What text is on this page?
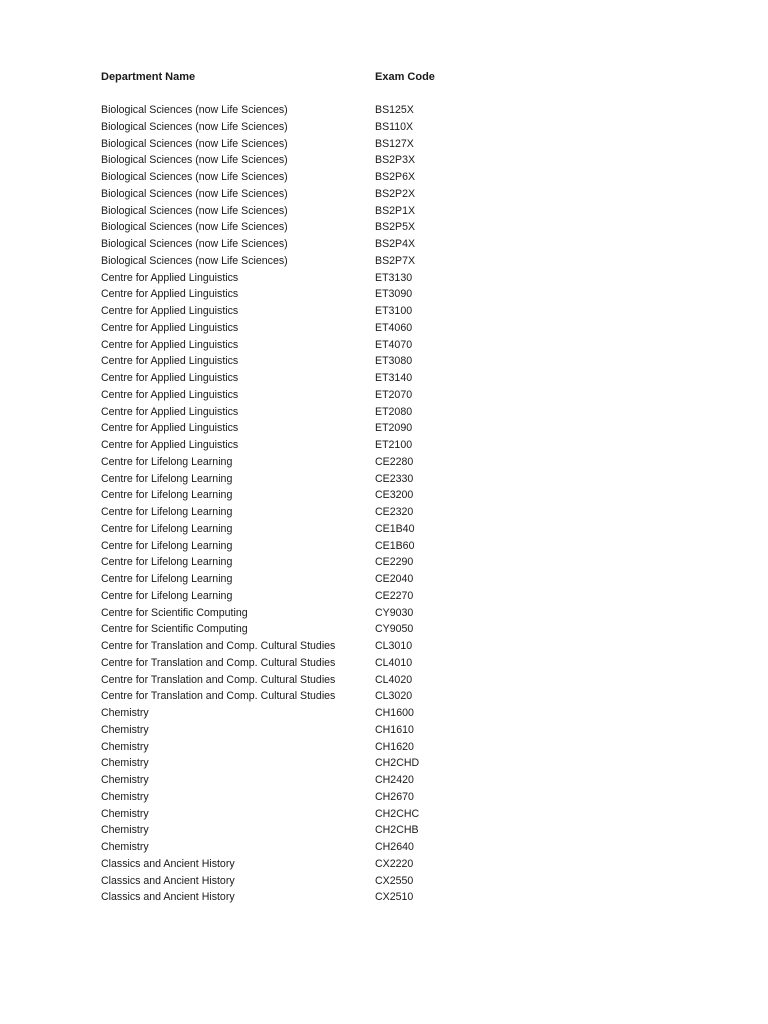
Department Name	Exam Code
Biological Sciences (now Life Sciences)	BS125X
Biological Sciences (now Life Sciences)	BS110X
Biological Sciences (now Life Sciences)	BS127X
Biological Sciences (now Life Sciences)	BS2P3X
Biological Sciences (now Life Sciences)	BS2P6X
Biological Sciences (now Life Sciences)	BS2P2X
Biological Sciences (now Life Sciences)	BS2P1X
Biological Sciences (now Life Sciences)	BS2P5X
Biological Sciences (now Life Sciences)	BS2P4X
Biological Sciences (now Life Sciences)	BS2P7X
Centre for Applied Linguistics	ET3130
Centre for Applied Linguistics	ET3090
Centre for Applied Linguistics	ET3100
Centre for Applied Linguistics	ET4060
Centre for Applied Linguistics	ET4070
Centre for Applied Linguistics	ET3080
Centre for Applied Linguistics	ET3140
Centre for Applied Linguistics	ET2070
Centre for Applied Linguistics	ET2080
Centre for Applied Linguistics	ET2090
Centre for Applied Linguistics	ET2100
Centre for Lifelong Learning	CE2280
Centre for Lifelong Learning	CE2330
Centre for Lifelong Learning	CE3200
Centre for Lifelong Learning	CE2320
Centre for Lifelong Learning	CE1B40
Centre for Lifelong Learning	CE1B60
Centre for Lifelong Learning	CE2290
Centre for Lifelong Learning	CE2040
Centre for Lifelong Learning	CE2270
Centre for Scientific Computing	CY9030
Centre for Scientific Computing	CY9050
Centre for Translation and Comp. Cultural Studies	CL3010
Centre for Translation and Comp. Cultural Studies	CL4010
Centre for Translation and Comp. Cultural Studies	CL4020
Centre for Translation and Comp. Cultural Studies	CL3020
Chemistry	CH1600
Chemistry	CH1610
Chemistry	CH1620
Chemistry	CH2CHD
Chemistry	CH2420
Chemistry	CH2670
Chemistry	CH2CHC
Chemistry	CH2CHB
Chemistry	CH2640
Classics and Ancient History	CX2220
Classics and Ancient History	CX2550
Classics and Ancient History	CX2510
